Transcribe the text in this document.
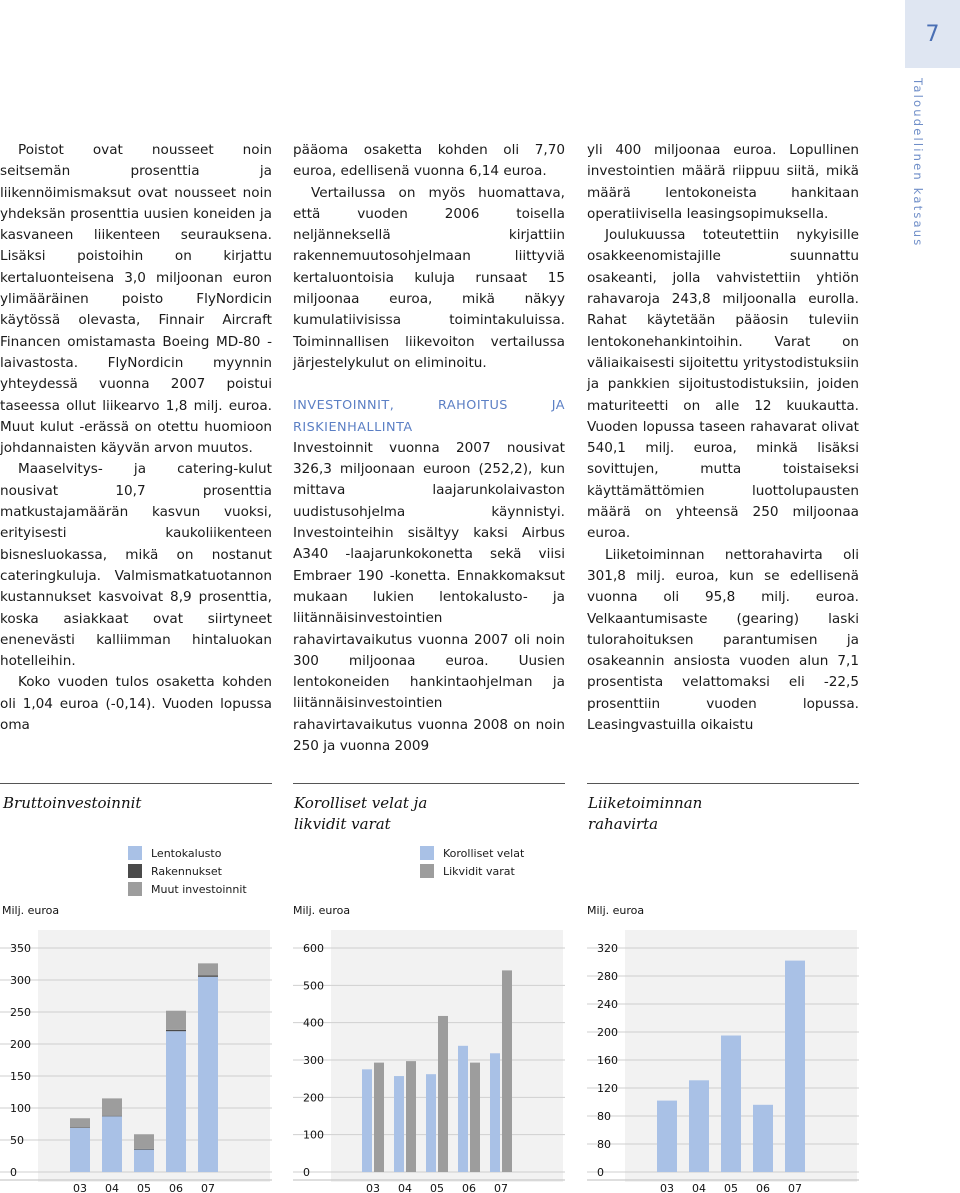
7
Taloudellinen katsaus

Poistot ovat nousseet noin seitsemän prosenttia ja liikennöimismaksut ovat nousseet noin yhdeksän prosenttia uusien koneiden ja kasvaneen liikenteen seurauksena. Lisäksi poistoihin on kirjattu kertaluonteisena 3,0 miljoonan euron ylimääräinen poisto FlyNordicin käytössä olevasta, Finnair Aircraft Financen omistamasta Boeing MD-80 -laivastosta. FlyNordicin myynnin yhteydessä vuonna 2007 poistui taseessa ollut liikearvo 1,8 milj. euroa. Muut kulut -erässä on otettu huomioon johdannaisten käyvän arvon muutos.

Maaselvitys- ja catering-kulut nousivat 10,7 prosenttia matkustajamäärän kasvun vuoksi, erityisesti kaukoliikenteen bisnesluokassa, mikä on nostanut cateringkuluja. Valmismatkatuotannon kustannukset kasvoivat 8,9 prosenttia, koska asiakkaat ovat siirtyneet enenevästi kalliimman hintaluokan hotelleihin.

Koko vuoden tulos osaketta kohden oli 1,04 euroa (-0,14). Vuoden lopussa oma

pääoma osaketta kohden oli 7,70 euroa, edellisenä vuonna 6,14 euroa.

Vertailussa on myös huomattava, että vuoden 2006 toisella neljänneksellä kirjattiin rakennemuutosohjelmaan liittyviä kertaluontoisia kuluja runsaat 15 miljoonaa euroa, mikä näkyy kumulatiivisissa toimintakuluissa. Toiminnallisen liikevoiton vertailussa järjestelykulut on eliminoitu.

INVESTOINNIT, RAHOITUS JA RISKIENHALLINTA

Investoinnit vuonna 2007 nousivat 326,3 miljoonaan euroon (252,2), kun mittava laajarunkolaivaston uudistusohjelma käynnistyi. Investointeihin sisältyy kaksi Airbus A340 -laajarunkokonetta sekä viisi Embraer 190 -konetta. Ennakkomaksut mukaan lukien lentokalusto- ja liitännäisinvestointien rahavirtavaikutus vuonna 2007 oli noin 300 miljoonaa euroa. Uusien lentokoneiden hankintaohjelman ja liitännäisinvestointien rahavirtavaikutus vuonna 2008 on noin 250 ja vuonna 2009

yli 400 miljoonaa euroa. Lopullinen investointien määrä riippuu siitä, mikä määrä lentokoneista hankitaan operatiivisella leasingsopimuksella.

Joulukuussa toteutettiin nykyisille osakkeenomistajille suunnattu osakeanti, jolla vahvistettiin yhtiön rahavaroja 243,8 miljoonalla eurolla. Rahat käytetään pääosin tuleviin lentokonehankintoihin. Varat on väliaikaisesti sijoitettu yritystodistuksiin ja pankkien sijoitustodistuksiin, joiden maturiteetti on alle 12 kuukautta. Vuoden lopussa taseen rahavarat olivat 540,1 milj. euroa, minkä lisäksi sovittujen, mutta toistaiseksi käyttämättömien luottolupausten määrä on yhteensä 250 miljoonaa euroa.

Liiketoiminnan nettorahavirta oli 301,8 milj. euroa, kun se edellisenä vuonna oli 95,8 milj. euroa. Velkaantumisaste (gearing) laski tulorahoituksen parantumisen ja osakeannin ansiosta vuoden alun 7,1 prosentista velattomaksi eli -22,5 prosenttiin vuoden lopussa. Leasingvastuilla oikaistu

Bruttoinvestoinnit	Korolliset velat ja likvidit varat
Liiketoiminnan rahavirta
Milj. euroa	Milj. euroa	Milj. euroa
Lentokalusto
Rakennukset
Muut investoinnit
Korolliset velat
Likvidit varat
0
50
100
150
200
250
300
350
03 04 05 06 07
0
100
200
300
400
500
600
03 04 05 06 07
0
80
80
120
160
200
240
280
320
03 04 05 06 07
